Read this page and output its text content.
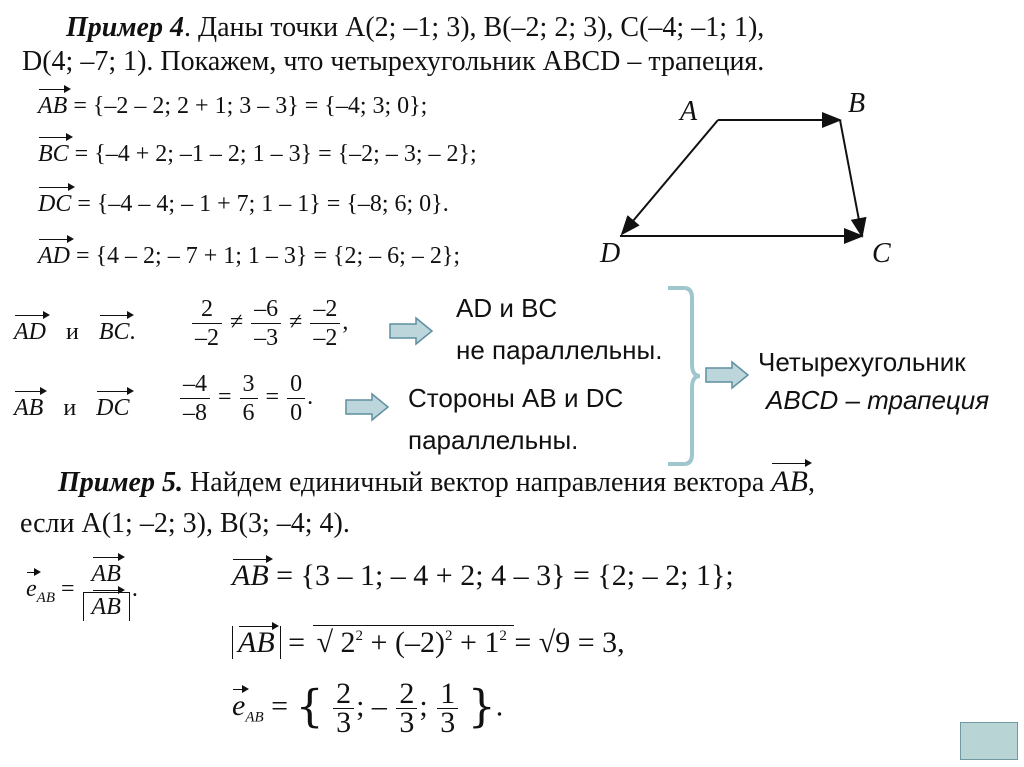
Пример 4. Даны точки A(2; –1; 3), B(–2; 2; 3), C(–4; –1; 1),
D(4; –7; 1). Покажем, что четырехугольник ABCD – трапеция.
AB = {–2 – 2; 2 + 1; 3 – 3} = {–4; 3; 0};
BC = {–4 + 2; –1 – 2; 1 – 3} = {–2; – 3; – 2};
DC = {–4 – 4; – 1 + 7; 1 – 1} = {–8; 6; 0}.
AD = {4 – 2; – 7 + 1; 1 – 3} = {2; – 6; – 2};
A	B
C
D
AD и BC. $\frac{2}{-2} \ne \frac{-6}{-3} \ne \frac{-2}{-2}$ ,	AD и BC
не параллельны.
AB и DC $\frac{-4}{-8} = \frac{3}{6} = \frac{0}{0}$ .	Стороны AB и DC
параллельны.
Четырехугольник
ABCD – трапеция
Пример 5. Найдем единичный вектор направления вектора AB,
если A(1; –2; 3), B(3; –4; 4).
$e_{AB} = \frac{AB}{AB}$ .	AB = {3 – 1; – 4 + 2; 4 – 3} = {2; – 2; 1};
AB = √ $2^2 + (-2)^2 + 1^2 = √9 = 3$,
$e_{AB}$ = { $\frac{2}{3}$ ; – $\frac{2}{3}$ ; $\frac{1}{3}$ }.
